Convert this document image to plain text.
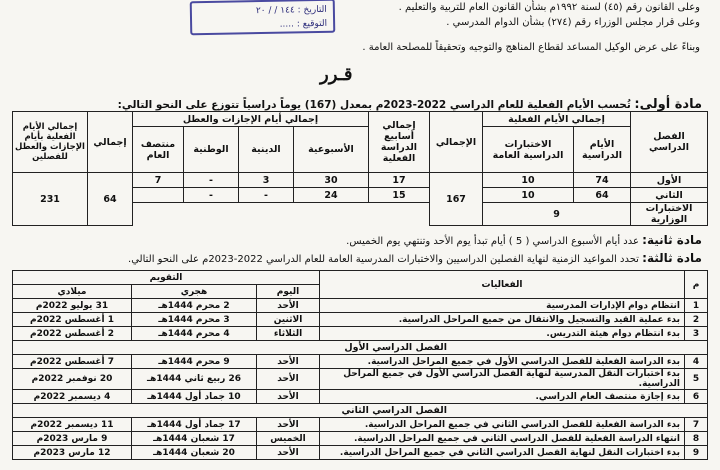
التاريخ : ١٤٤ / / ٢٠
التوقيع : .....
وعلى القانون رقم (٤٥) لسنة ١٩٩٢م بشأن القانون العام للتربية والتعليم .
وعلى قرار مجلس الوزراء رقم (٢٧٤) بشأن الدوام المدرسي .
وبناءً على عرض الوكيل المساعد لقطاع المناهج والتوجيه وتحقيقاً للمصلحة العامة .
قـرر
مادة أولى: تُحسب الأيام الفعلية للعام الدراسي 2022-2023م بمعدل (167) يوماً دراسياً تتوزع على النحو التالي:
الفصل الدراسي	إجمالي الأيام الفعلية		الإجمالي	إجمالي أسابيع الدراسة الفعلية	إجمالي أيام الإجازات والعطل				إجمالي	إجمالي الأيام الفعلية بأيام الإجازات والعطل للفصلين
	الأيام الدراسية	الاختبارات الدراسية العامة			الأسبوعية	الدينية	الوطنية	منتصف العام		
الأول	74	10	167	17	30	3	-	7	64	231
الثاني	64	10		15	24	-	-			
الاختبارات الوزارية	9									
مادة ثانية: عدد أيام الأسبوع الدراسي ( 5 ) أيام تبدأ يوم الأحد وتنتهي يوم الخميس.
مادة ثالثة: تحدد المواعيد الزمنية لنهاية الفصلين الدراسيين والاختبارات المدرسية العامة للعام الدراسي 2022-2023م على النحو التالي.
م	الفعاليات	التقويم		
		اليوم	هجري	ميلادي
1	انتظام دوام الإدارات المدرسية	الأحد	2 محرم 1444هـ	31 يوليو 2022م
2	بدء عملية القيد والتسجيل والانتقال من جميع المراحل الدراسية.	الاثنين	3 محرم 1444هـ	1 أغسطس 2022م
3	بدء انتظام دوام هيئة التدريس.	الثلاثاء	4 محرم 1444هـ	2 أغسطس 2022م
الفصل الدراسي الأول				
4	بدء الدراسة الفعلية للفصل الدراسي الأول في جميع المراحل الدراسية.	الأحد	9 محرم 1444هـ	7 أغسطس 2022م
5	بدء اختبارات النقل المدرسية لنهاية الفصل الدراسي الأول في جميع المراحل الدراسية.	الأحد	26 ربيع ثاني 1444هـ	20 نوفمبر 2022م
6	بدء إجازة منتصف العام الدراسي.	الأحد	10 جماد أول 1444هـ	4 ديسمبر 2022م
الفصل الدراسي الثاني				
7	بدء الدراسة الفعلية للفصل الدراسي الثاني في جميع المراحل الدراسية.	الأحد	17 جماد أول 1444هـ	11 ديسمبر 2022م
8	انتهاء الدراسة الفعلية للفصل الدراسي الثاني في جميع المراحل الدراسية.	الخميس	17 شعبان 1444هـ	9 مارس 2023م
9	بدء اختبارات النقل لنهاية الفصل الدراسي الثاني في جميع المراحل الدراسية.	الأحد	20 شعبان 1444هـ	12 مارس 2023م
